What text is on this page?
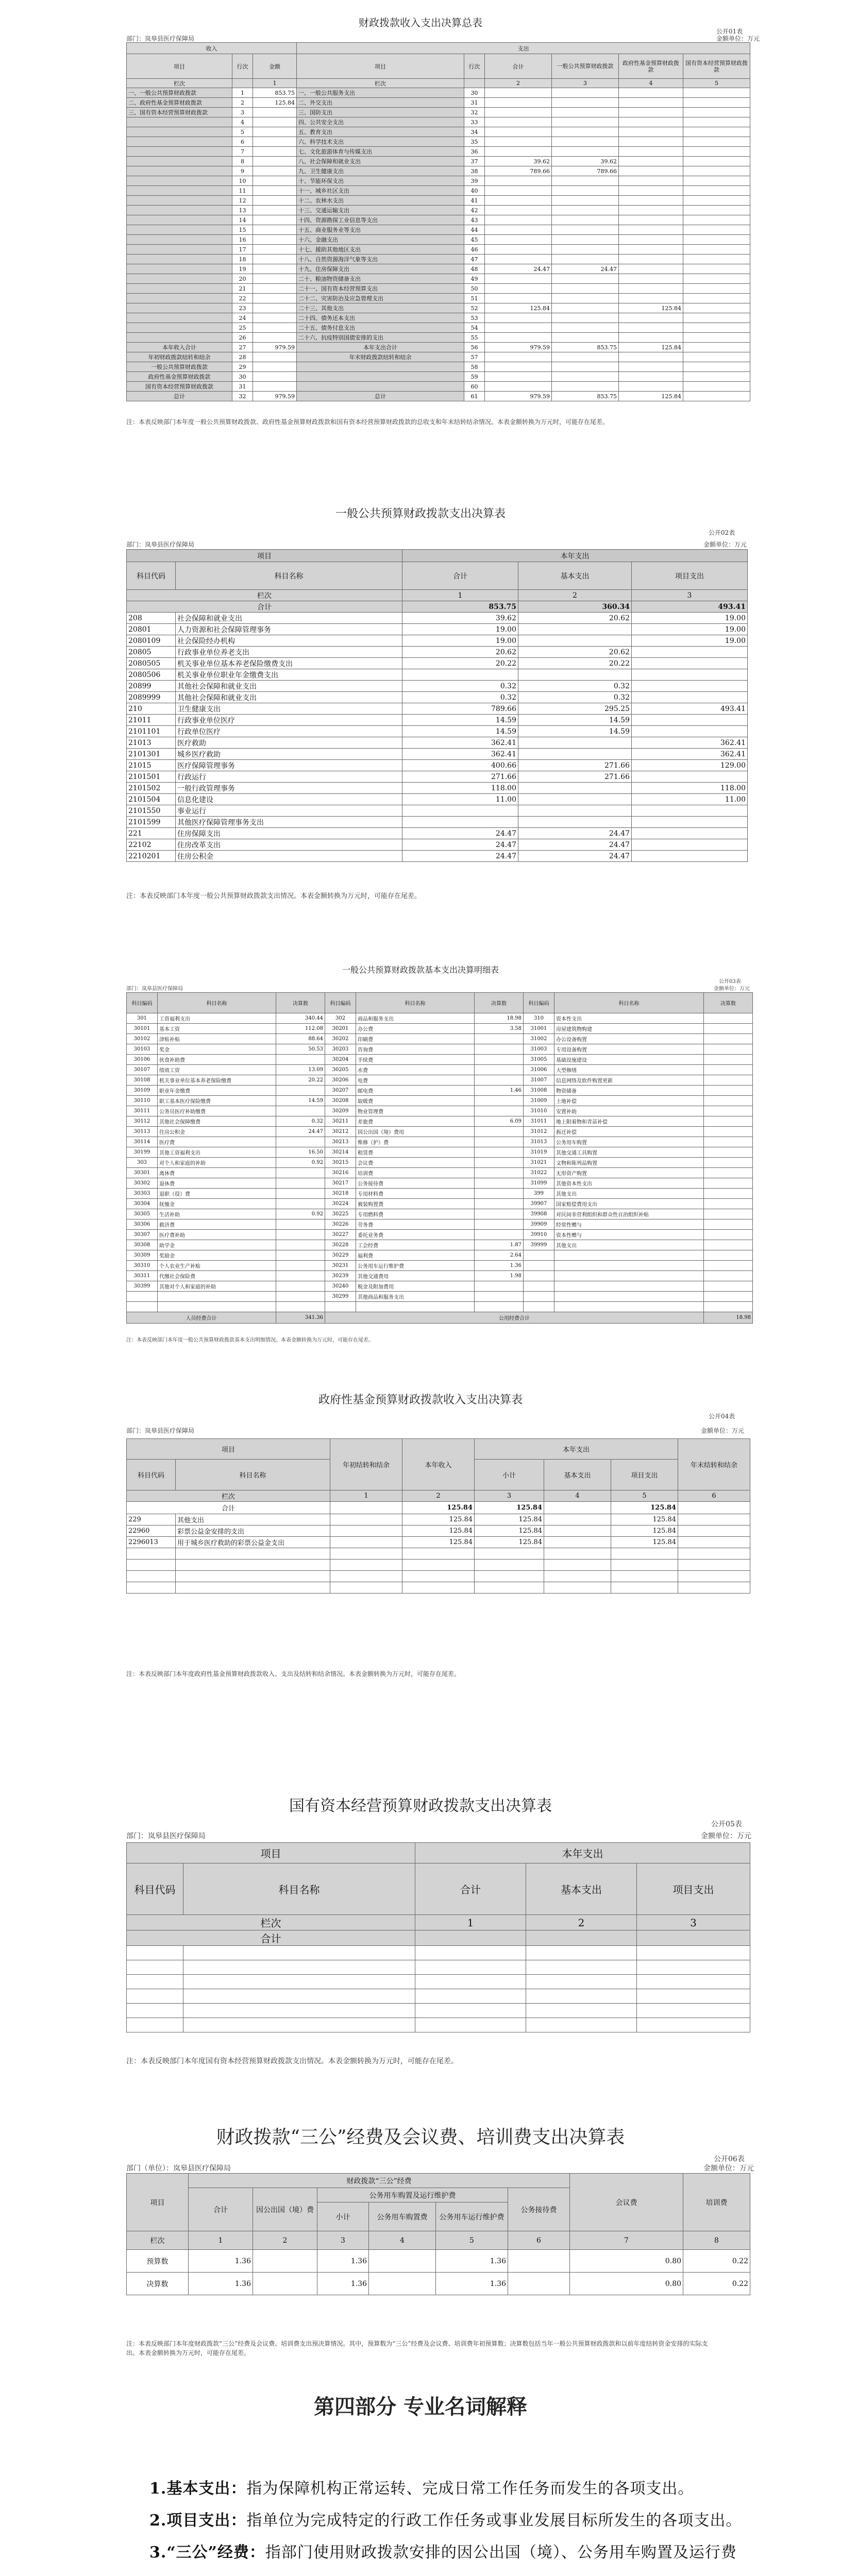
财政拨款收入支出决算总表
公开01表
部门：岚皋县医疗保障局	金额单位：万元
收入			支出					
项目	行次	金额	项目	行次	合计	一般公共预算财政拨款	政府性基金预算财政拨款	国有资本经营预算财政拨款
栏次		1	栏次		2	3	4	5
一、一般公共预算财政拨款	1	853.75	一、一般公共服务支出	30				
二、政府性基金预算财政拨款	2	125.84	二、外交支出	31				
三、国有资本经营预算财政拨款	3		三、国防支出	32				
	4		四、公共安全支出	33				
	5		五、教育支出	34				
	6		六、科学技术支出	35				
	7		七、文化旅游体育与传媒支出	36				
	8		八、社会保障和就业支出	37	39.62	39.62		
	9		九、卫生健康支出	38	789.66	789.66		
	10		十、节能环保支出	39				
	11		十一、城乡社区支出	40				
	12		十二、农林水支出	41				
	13		十三、交通运输支出	42				
	14		十四、资源勘探工业信息等支出	43				
	15		十五、商业服务业等支出	44				
	16		十六、金融支出	45				
	17		十七、援助其他地区支出	46				
	18		十八、自然资源海洋气象等支出	47				
	19		十九、住房保障支出	48	24.47	24.47		
	20		二十、粮油物资储备支出	49				
	21		二十一、国有资本经营预算支出	50				
	22		二十二、灾害防治及应急管理支出	51				
	23		二十三、其他支出	52	125.84		125.84	
	24		二十四、债务还本支出	53				
	25		二十五、债务付息支出	54				
	26		二十六、抗疫特别国债安排的支出	55				
本年收入合计	27	979.59	本年支出合计	56	979.59	853.75	125.84	
年初财政拨款结转和结余	28		年末财政拨款结转和结余	57				
一般公共预算财政拨款	29			58				
政府性基金预算财政拨款	30			59				
国有资本经营预算财政拨款	31			60				
总计	32	979.59	总计	61	979.59	853.75	125.84	
注：本表反映部门本年度一般公共预算财政拨款、政府性基金预算财政拨款和国有资本经营预算财政拨款的总收支和年末结转结余情况。本表金额转换为万元时，可能存在尾差。
一般公共预算财政拨款支出决算表
公开02表
部门：岚皋县医疗保障局	金额单位：万元
项目		本年支出		
科目代码	科目名称	合计	基本支出	项目支出
栏次		1	2	3
合计		853.75	360.34	493.41
208	社会保障和就业支出	39.62	20.62	19.00
20801	人力资源和社会保障管理事务	19.00		19.00
2080109	社会保险经办机构	19.00		19.00
20805	行政事业单位养老支出	20.62	20.62	
2080505	机关事业单位基本养老保险缴费支出	20.22	20.22	
2080506	机关事业单位职业年金缴费支出			
20899	其他社会保障和就业支出	0.32	0.32	
2089999	其他社会保障和就业支出	0.32	0.32	
210	卫生健康支出	789.66	295.25	493.41
21011	行政事业单位医疗	14.59	14.59	
2101101	行政单位医疗	14.59	14.59	
21013	医疗救助	362.41		362.41
2101301	城乡医疗救助	362.41		362.41
21015	医疗保障管理事务	400.66	271.66	129.00
2101501	行政运行	271.66	271.66	
2101502	一般行政管理事务	118.00		118.00
2101504	信息化建设	11.00		11.00
2101550	事业运行			
2101599	其他医疗保障管理事务支出			
221	住房保障支出	24.47	24.47	
22102	住房改革支出	24.47	24.47	
2210201	住房公积金	24.47	24.47	
注：本表反映部门本年度一般公共预算财政拨款支出情况。本表金额转换为万元时，可能存在尾差。
一般公共预算财政拨款基本支出决算明细表
公开03表
部门：岚皋县医疗保障局	金额单位：万元
科目编码	科目名称	决算数	科目编码	科目名称	决算数	科目编码	科目名称	决算数
301	工资福利支出	340.44	302	商品和服务支出	18.98	310	资本性支出	
30101	基本工资	112.08	30201	办公费	3.58	31001	房屋建筑物购建	
30102	津贴补贴	88.64	30202	印刷费		31002	办公设备购置	
30103	奖金	50.53	30203	咨询费		31003	专用设备购置	
30106	伙食补助费		30204	手续费		31005	基础设施建设	
30107	绩效工资	13.09	30205	水费		31006	大型修缮	
30108	机关事业单位基本养老保险缴费	20.22	30206	电费		31007	信息网络及软件购置更新	
30109	职业年金缴费		30207	邮电费	1.46	31008	物资储备	
30110	职工基本医疗保险缴费	14.59	30208	取暖费		31009	土地补偿	
30111	公务员医疗补助缴费		30209	物业管理费		31010	安置补助	
30112	其他社会保障缴费	0.32	30211	差旅费	6.09	31011	地上附着物和青苗补偿	
30113	住房公积金	24.47	30212	因公出国（境）费用		31012	拆迁补偿	
30114	医疗费		30213	维修（护）费		31013	公务用车购置	
30199	其他工资福利支出	16.50	30214	租赁费		31019	其他交通工具购置	
303	对个人和家庭的补助	0.92	30215	会议费		31021	文物和陈列品购置	
30301	离休费		30216	培训费		31022	无形资产购置	
30302	退休费		30217	公务接待费		31099	其他资本性支出	
30303	退职（役）费		30218	专用材料费		399	其他支出	
30304	抚恤金		30224	被装购置费		39907	国家赔偿费用支出	
30305	生活补助	0.92	30225	专用燃料费		39908	对民间非营利组织和群众性自治组织补贴	
30306	救济费		30226	劳务费		39909	经常性赠与	
30307	医疗费补助		30227	委托业务费		39910	资本性赠与	
30308	助学金		30228	工会经费	1.87	39999	其他支出	
30309	奖励金		30229	福利费	2.64			
30310	个人农业生产补贴		30231	公务用车运行维护费	1.36			
30311	代缴社会保险费		30239	其他交通费用	1.98			
30399	其他对个人和家庭的补助		30240	税金及附加费用				
			30299	其他商品和服务支出				

人员经费合计		341.36	公用经费合计					18.98
注：本表反映部门本年度一般公共预算财政拨款基本支出明细情况。本表金额转换为万元时，可能存在尾差。
政府性基金预算财政拨款收入支出决算表
公开04表
部门：岚皋县医疗保障局	金额单位：万元
项目		年初结转和结余	本年收入	本年支出			年末结转和结余
科目代码	科目名称			小计	基本支出	项目支出	
栏次		1	2	3	4	5	6
合计			125.84	125.84		125.84	
229	其他支出		125.84	125.84		125.84	
22960	彩票公益金安排的支出		125.84	125.84		125.84	
2296013	用于城乡医疗救助的彩票公益金支出		125.84	125.84		125.84	

注：本表反映部门本年度政府性基金预算财政拨款收入、支出及结转和结余情况。本表金额转换为万元时，可能存在尾差。
国有资本经营预算财政拨款支出决算表
公开05表
部门：岚皋县医疗保障局	金额单位：万元
项目		本年支出		
科目代码	科目名称	合计	基本支出	项目支出
栏次		1	2	3
合计				

注：本表反映部门本年度国有资本经营预算财政拨款支出情况。本表金额转换为万元时，可能存在尾差。
财政拨款“三公”经费及会议费、培训费支出决算表
公开06表
部门（单位）：岚皋县医疗保障局	金额单位：万元
项目	财政拨款“三公”经费						会议费	培训费
	合计	因公出国（境）费	公务用车购置及运行维护费			公务接待费		
			小计	公务用车购置费	公务用车运行维护费			
栏次	1	2	3	4	5	6	7	8
预算数	1.36		1.36		1.36		0.80	0.22
决算数	1.36		1.36		1.36		0.80	0.22
注：本表反映部门本年度财政拨款“三公”经费及会议费、培训费支出预决算情况。其中，预算数为“三公”经费及会议费、培训费年初预算数；决算数包括当年一般公共预算财政拨款和以前年度结转资金安排的实际支出。本表金额转换为万元时，可能存在尾差。
第四部分 专业名词解释

1.基本支出：指为保障机构正常运转、完成日常工作任务而发生的各项支出。

2.项目支出：指单位为完成特定的行政工作任务或事业发展目标所发生的各项支出。

3.“三公”经费：指部门使用财政拨款安排的因公出国（境）、公务用车购置及运行费
